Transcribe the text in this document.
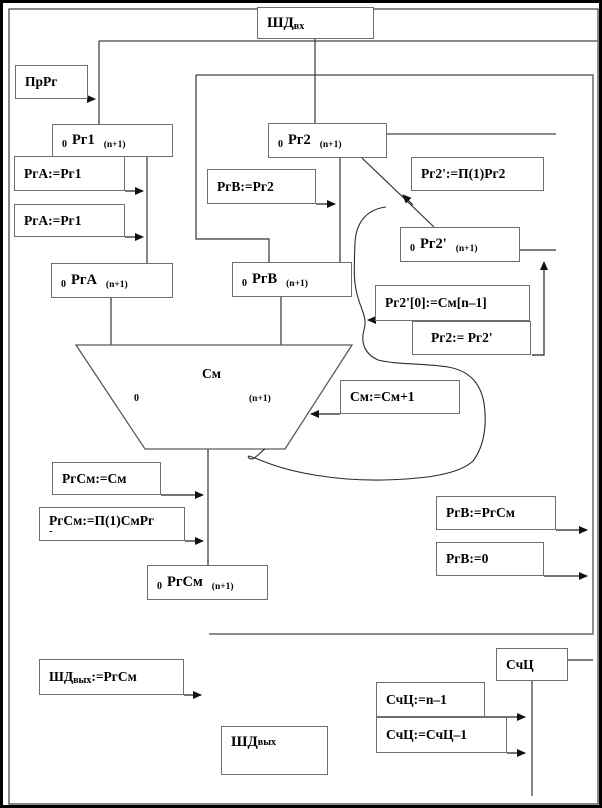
ШД вх
ПрРг
0 Рг1 (n+1)	0 Рг2 (n+1)
РгА:=Рг1	Рг2':=П(1)Рг2
РгВ:=Рг2
РгА:=Рг1
0 Рг2' (n+1)
0 РгА (n+1)	0 РгВ (n+1)
Рг2'[0]:=См[n–1]
Рг2:= Рг2'
См:=См+1
См
0	(n+1)
РгСм:=См
РгСм:=П(1)СмРг
-
РгВ:=РгСм
РгВ:=0
0 РгСм (n+1)
ШД вых :=РгСм
СчЦ
СчЦ:=n–1
СчЦ:=СчЦ–1
ШД вых
